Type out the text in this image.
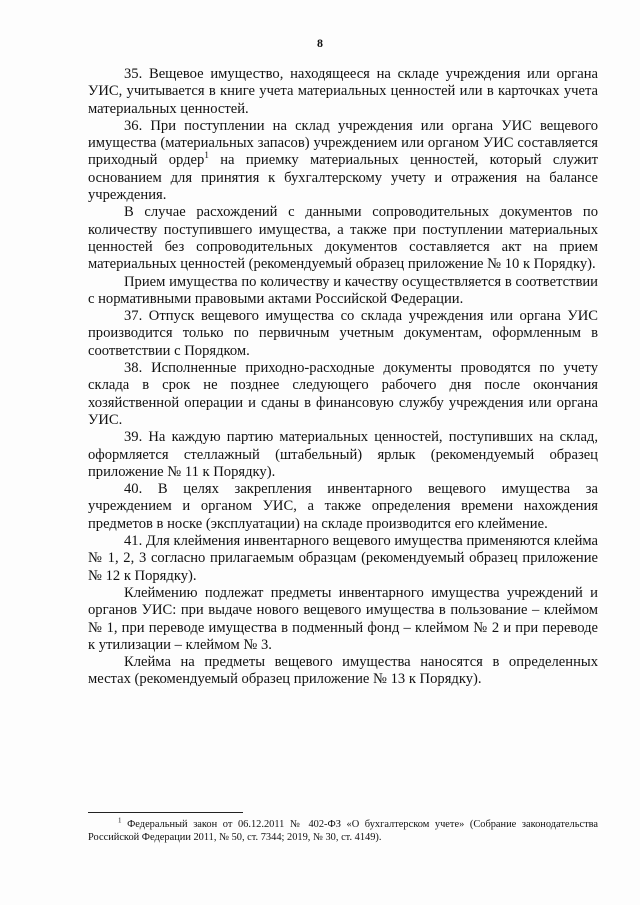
8

35. Вещевое имущество, находящееся на складе учреждения или органа УИС, учитывается в книге учета материальных ценностей или в карточках учета материальных ценностей.

36. При поступлении на склад учреждения или органа УИС вещевого имущества (материальных запасов) учреждением или органом УИС составляется приходный ордер$^1$ на приемку материальных ценностей, который служит основанием для принятия к бухгалтерскому учету и отражения на балансе учреждения.

В случае расхождений с данными сопроводительных документов по количеству поступившего имущества, а также при поступлении материальных ценностей без сопроводительных документов составляется акт на прием материальных ценностей (рекомендуемый образец приложение № 10 к Порядку).

Прием имущества по количеству и качеству осуществляется в соответствии с нормативными правовыми актами Российской Федерации.

37. Отпуск вещевого имущества со склада учреждения или органа УИС производится только по первичным учетным документам, оформленным в соответствии с Порядком.

38. Исполненные приходно-расходные документы проводятся по учету склада в срок не позднее следующего рабочего дня после окончания хозяйственной операции и сданы в финансовую службу учреждения или органа УИС.

39. На каждую партию материальных ценностей, поступивших на склад, оформляется стеллажный (штабельный) ярлык (рекомендуемый образец приложение № 11 к Порядку).

40. В целях закрепления инвентарного вещевого имущества за учреждением и органом УИС, а также определения времени нахождения предметов в носке (эксплуатации) на складе производится его клеймение.

41. Для клеймения инвентарного вещевого имущества применяются клейма № 1, 2, 3 согласно прилагаемым образцам (рекомендуемый образец приложение № 12 к Порядку).

Клеймению подлежат предметы инвентарного имущества учреждений и органов УИС: при выдаче нового вещевого имущества в пользование – клеймом № 1, при переводе имущества в подменный фонд – клеймом № 2 и при переводе к утилизации – клеймом № 3.

Клейма на предметы вещевого имущества наносятся в определенных местах (рекомендуемый образец приложение № 13 к Порядку).

$^1$ Федеральный закон от 06.12.2011 № 402-ФЗ «О бухгалтерском учете» (Собрание законодательства Российской Федерации 2011, № 50, ст. 7344; 2019, № 30, ст. 4149).
